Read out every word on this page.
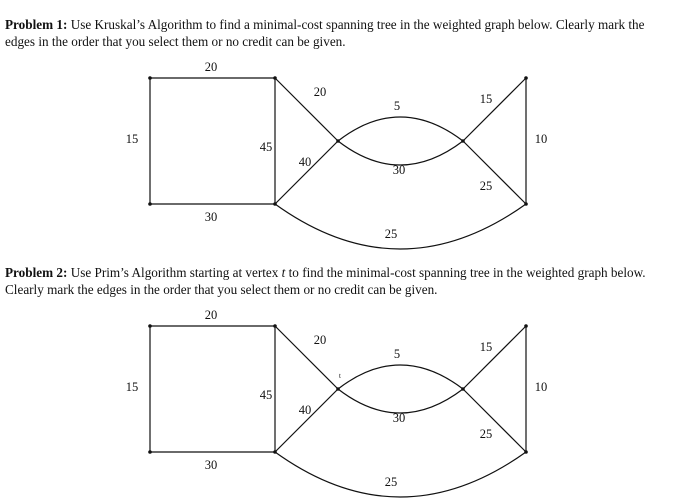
Problem 1: Use Kruskal’s Algorithm to find a minimal-cost spanning tree in the weighted graph below. Clearly mark the edges in the order that you select them or no credit can be given.
20
15
30
45
20
40
5
30
15
10
25
25
Problem 2: Use Prim’s Algorithm starting at vertex t to find the minimal-cost spanning tree in the weighted graph below. Clearly mark the edges in the order that you select them or no credit can be given.
t
20
15
30
45
20
40
5
30
15
10
25
25
